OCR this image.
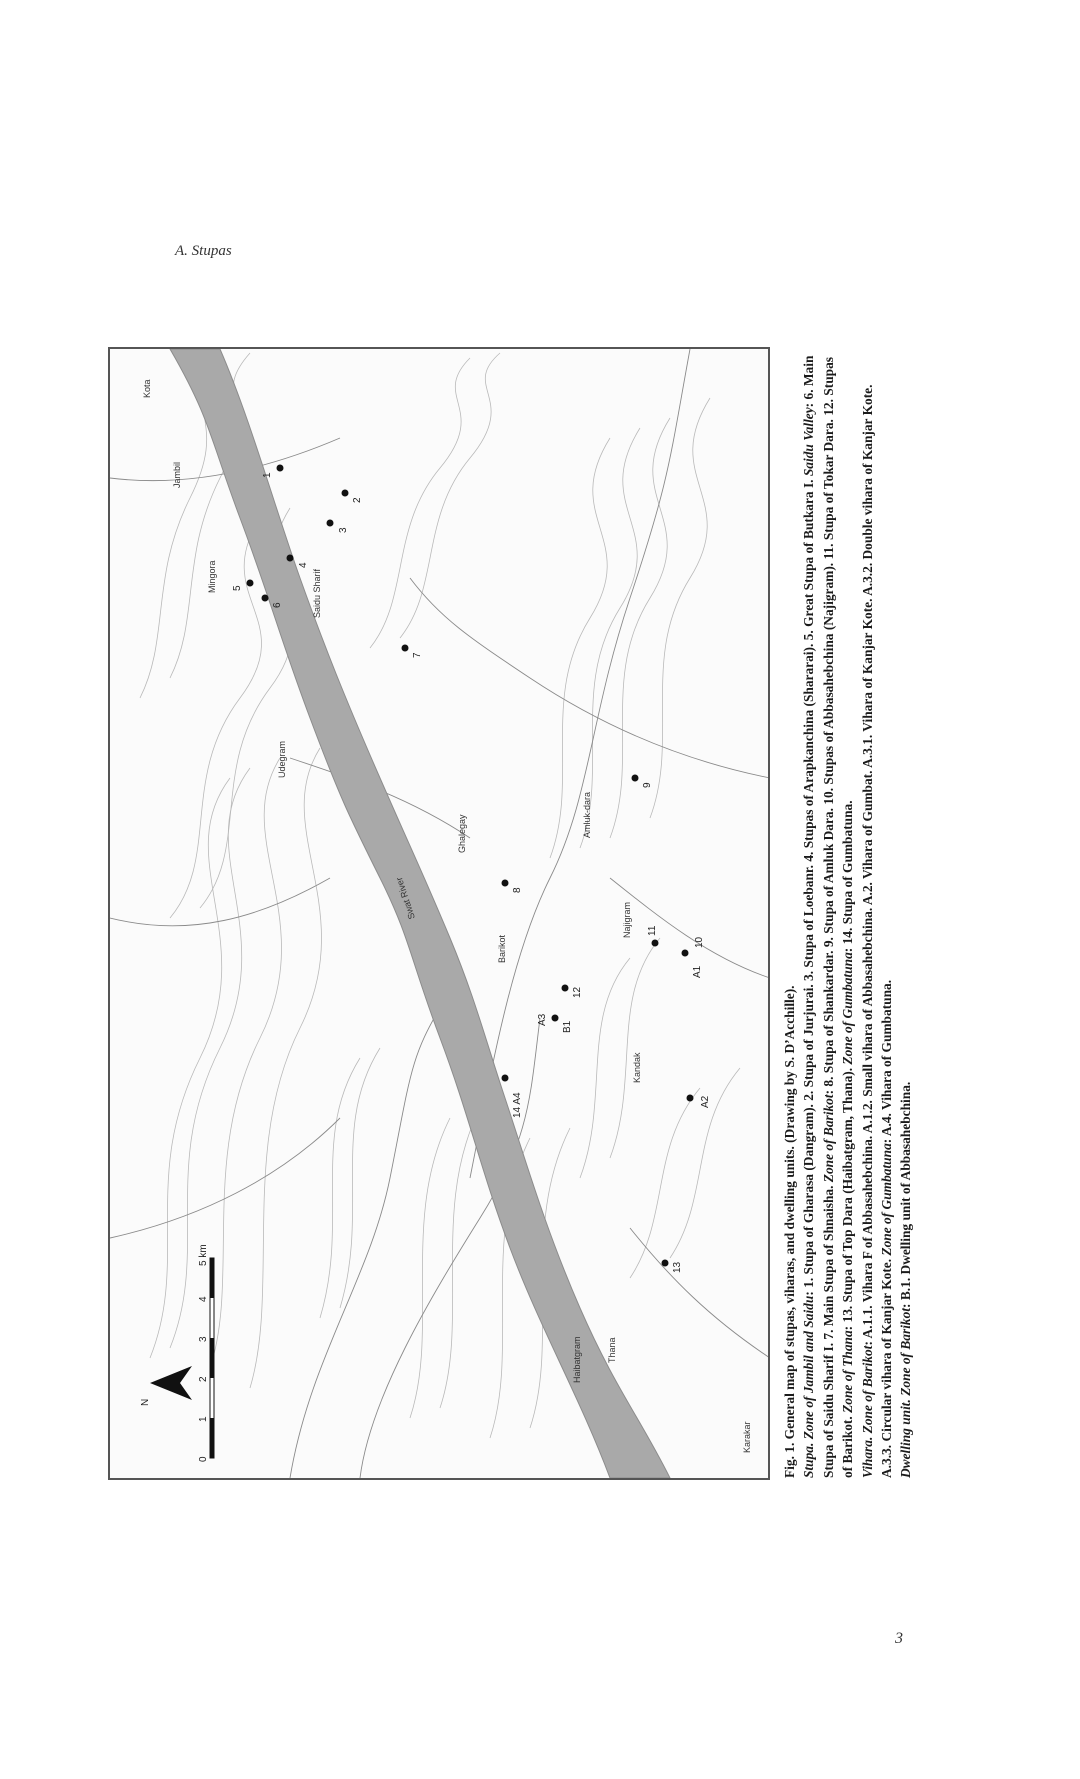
A. Stupas
Swat River
Mingora	Saidu Sharif
Jambil
Udegram
Ghalegay
Barikot
Amluk-dara
Najigram
Kandak
Thana
Haibatgram
Karakar
Kota
1
2
3
4
5
6
7
8
9
10
11
12
13
14 A4
A1
A2
A3
B1
N
0
1
2
3
4
5 km	Fig. 1. General map of stupas, viharas, and dwelling units. (Drawing by S. D’Acchille). Stupa. Zone of Jambil and Saidu: 1. Stupa of Gharasa (Dangram). 2. Stupa of Jurjurai. 3. Stupa of Loebanr. 4. Stupas of Arapkanchina (Shararai). 5. Great Stupa of Butkara I. Saidu Valley: 6. Main Stupa of Saidu Sharif I. 7. Main Stupa of Shnaisha. Zone of Barikot: 8. Stupa of Shankardar. 9. Stupa of Amluk Dara. 10. Stupas of Abbasahebchina (Najigram). 11. Stupa of Tokar Dara. 12. Stupas of Barikot. Zone of Thana: 13. Stupa of Top Dara (Haibatgram, Thana). Zone of Gumbatuna: 14. Stupa of Gumbatuna.

Vihara. Zone of Barikot: A.1.1. Vihara F of Abbasahebchina. A.1.2. Small vihara of Abbasahebchina. A.2. Vihara of Gumbat. A.3.1. Vihara of Kanjar Kote. A.3.2. Double vihara of Kanjar Kote. A.3.3. Circular vihara of Kanjar Kote. Zone of Gumbatuna: A.4. Vihara of Gumbatuna.

Dwelling unit. Zone of Barikot: B.1. Dwelling unit of Abbasahebchina.

3
